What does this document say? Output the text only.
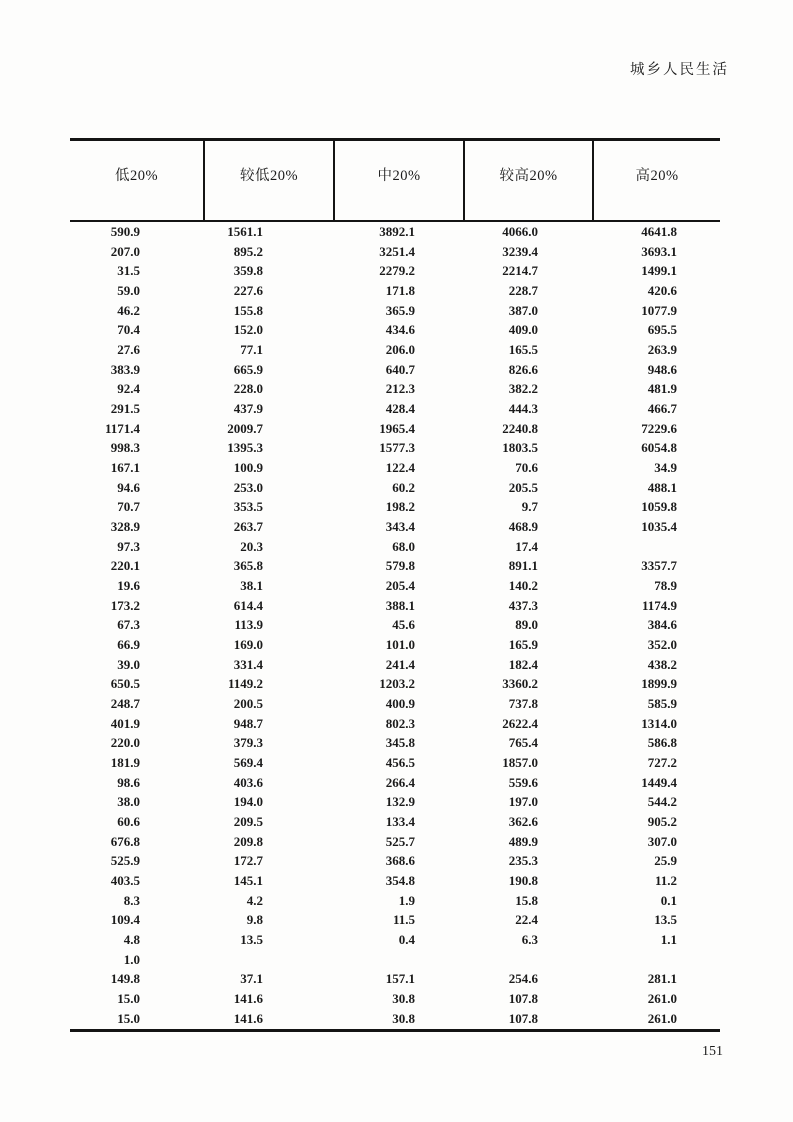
城乡人民生活
低20%	较低20%	中20%	较高20%	高20%
590.9	1561.1	3892.1	4066.0	4641.8
207.0	895.2	3251.4	3239.4	3693.1
31.5	359.8	2279.2	2214.7	1499.1
59.0	227.6	171.8	228.7	420.6
46.2	155.8	365.9	387.0	1077.9
70.4	152.0	434.6	409.0	695.5
27.6	77.1	206.0	165.5	263.9
383.9	665.9	640.7	826.6	948.6
92.4	228.0	212.3	382.2	481.9
291.5	437.9	428.4	444.3	466.7
1171.4	2009.7	1965.4	2240.8	7229.6
998.3	1395.3	1577.3	1803.5	6054.8
167.1	100.9	122.4	70.6	34.9
94.6	253.0	60.2	205.5	488.1
70.7	353.5	198.2	9.7	1059.8
328.9	263.7	343.4	468.9	1035.4
97.3	20.3	68.0	17.4
220.1	365.8	579.8	891.1	3357.7
19.6	38.1	205.4	140.2	78.9
173.2	614.4	388.1	437.3	1174.9
67.3	113.9	45.6	89.0	384.6
66.9	169.0	101.0	165.9	352.0
39.0	331.4	241.4	182.4	438.2
650.5	1149.2	1203.2	3360.2	1899.9
248.7	200.5	400.9	737.8	585.9
401.9	948.7	802.3	2622.4	1314.0
220.0	379.3	345.8	765.4	586.8
181.9	569.4	456.5	1857.0	727.2
98.6	403.6	266.4	559.6	1449.4
38.0	194.0	132.9	197.0	544.2
60.6	209.5	133.4	362.6	905.2
676.8	209.8	525.7	489.9	307.0
525.9	172.7	368.6	235.3	25.9
403.5	145.1	354.8	190.8	11.2
8.3	4.2	1.9	15.8	0.1
109.4	9.8	11.5	22.4	13.5
4.8	13.5	0.4	6.3	1.1
1.0
149.8	37.1	157.1	254.6	281.1
15.0	141.6	30.8	107.8	261.0
15.0	141.6	30.8	107.8	261.0
151
